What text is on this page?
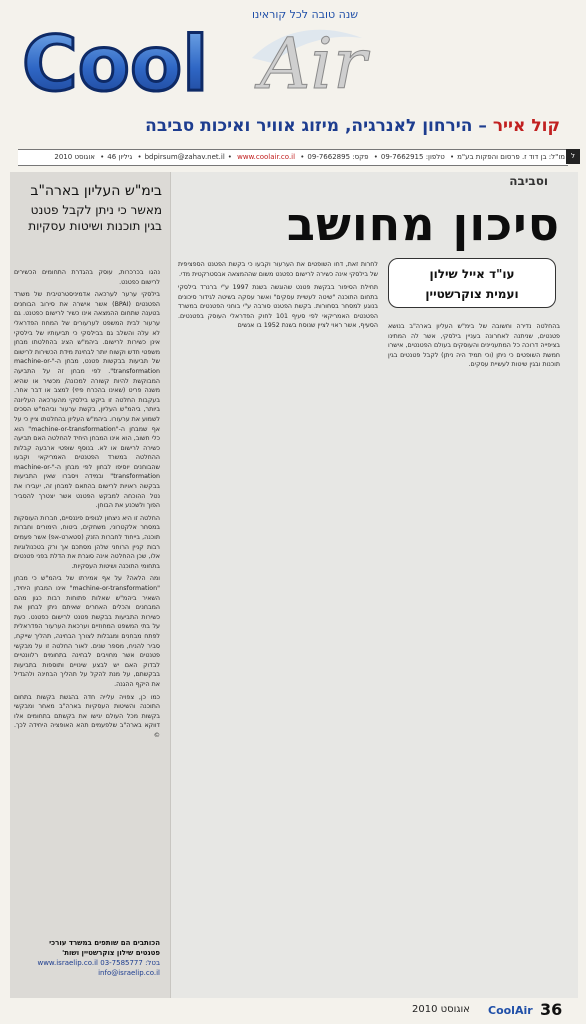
שנה טובה לכל קוראינו
Cool Air
קול אייר – הירחון לאנרגיה, מיזוג אוויר ואיכות סביבה
מו"ל: בן דוד ז. פרסום והפקות בע"מ• טלפון: 09-7662915• פקס: 09-7662895• bdpirsum@zahav.net.il • www.coolair.co.il• גיליון 46• אוגוסט 2010	ל
וסביבה
בימ"ש העליון בארה"ב
מאשר כי ניתן לקבל פטנט בגין תוכנות ושיטות עסקיות

נהגו בכרכרות, עוסק בהגדרת התחומים הכשירים לרישום כפטנט.

בילסקי ערער לערכאה אדמיניסטרטיבית של משרד הפטנטים (BPAI) אשר אישרה את סירוב הבוחנים בטענה שתחום ההמצאה אינו כשיר לרישום כפטנט. גם ערעור לבית המשפט לערעורים של המחוז הפדראלי לא עלה והשלב גם בבילסקי כי תביעותיו של בילסקי אינן כשירות לרישום. ביהמ"ש הציג בהחלטתו מבחן משפטי חדש וקשוח יותר לבחינת מידת הכשירות לרישום של תביעות בבקשות פטנט, מבחן ה-"machine-or-transformation". לפי מבחן זה על התביעה המבוקשת להיות קשורה למכונה/ מכשיר או שהיא משנה פריט (שאינו בהכרח פיזי) למצב או דבר אחר. בעקבות החלטה זו ביקש בילסקי מהערכאה העליונה ביותר, ביהמ"ש העליון, בקשת ערעור וביהמ"ש הסכים לשמוע את ערעורו. ביהמ"ש העליון בהחלטתו ציין כי על אף שמבחן ה-"machine-or-transformation" הוא כלי חשוב, הוא אינו המבחן היחיד להחלטה האם תביעה כשירה לרישום או לא. בנוסף שופטי ארבעה קבלות ההחלטה במשרד הפטנטים האמריקאי וקבעו שהבוחנים יוסיפו לבחון לפי מבחן ה-"machine-or-transformation" ובמידה ויסברו שאין התביעות בבקשה ראויות לרישום בהתאם למבחן זה, יעבירו את נטל ההוכחה למבקש הפטנט אשר יצטרך להסביר הפוך ולשכנע את הבוחן.

החלטה זו היא ניצחון לגופים פיננסיים, חברות העוסקות במסחר אלקטרוני, משחקים, ביטוח, הימורים וחברות תוכנה, בייחוד לחברות הזנק (סטארט-אפ) אשר פעמים רבות קניין הרוחני שלהן מסתכם אך ורק בטכנולוגיות אלו, שכן ההחלטה אינה סוגרת את הדלת בפני פטנטים בתחומי התוכנה ושיטות העסקיות.

ומה הלאה? על אף אמירתו של ביהמ"ש כי מבחן "machine-or-transformation" אינו המבחן היחיד, השאיר ביהמ"ש שאלות פתוחות רבות כגון מהם המבחנים והכלים האחרים שאיתם ניתן לבחון את כשירות התביעות בבקשת פטנט לרישום כפטנט. כעת על בתי המשפט המחוזיים וערכאת הערעור הפדראלית לפתח מבחנים ומגבלות לצורך הבחינה, תהליך שייקח, סביר להניח, מספר שנים. לאור החלטה זו על מבקשי פטנטים אשר מחויבים לבחינה בתחומים רלוונטיים לבדוק האם יש לבצע שינויים ותוספות בתביעות בבקשתם, על מנת להקל על תהליך הבחינה ולהגדיל את היקף ההגנה.

כמו כן, צפויה עלייה חדה בהגשת בקשות בתחום התוכנה והשיטות העסקיות בארה"ב מאחר ומבקשי בקשות מכל העולם יגישו את בקשתם בתחומים אלו דווקא בארה"ב שלפעמים תהא האופציה היחידה לכך. ©

הכותבים הם שותפים במשרד עורכי
פטנטים שילון צוקרשטיין ושות'
בטל: 03-7585777 www.israelip.co.il
info@israelip.co.il
סיכון מחושב
עו"ד אייל שילון
ועמית צוקרשטיין

לחרות זאת, דחו השופטים את הערעור וקבעו כי בקשת הפטנט הספציפית של בילסקי אינה כשירה לרישום כפטנט משום שההמצאה אבסטרקטית מדי.

תחילת הסיפור בבקשת פטנט שהוגשה בשנת 1997 ע"י ברנרד בילסקי בתחום התוכנה "שיטה לעשיית עסקים" ואשר עסקה בשיטה לגידור סיכונים בנוגע למסחר בסחורות. בקשת הפטנט סורבה ע"י בוחני הפטנטים במשרד הפטנטים האמריקאי לפי סעיף 101 לחוק הפדראלי העוסק בפטנטים. הסעיף, אשר ראוי לציין שנוסח בשנת 1952 בו אנשים בהחלטה נדירה וחשובה של בימ"ש העליון בארה"ב בנושא פטנטים, שניתנה לאחרונה בעניין בילסקי, אשר לה המתינו בציפייה דרוכה כל המתעניינים והעוסקים בעולם הפטנטים, אישרו חמשת השופטים כי ניתן (וכי תמיד היה ניתן) לקבל פטנטים בגין תוכנות ובגין שיטות לעשיית עסקים.

36
CoolAir
אוגוסט 2010
